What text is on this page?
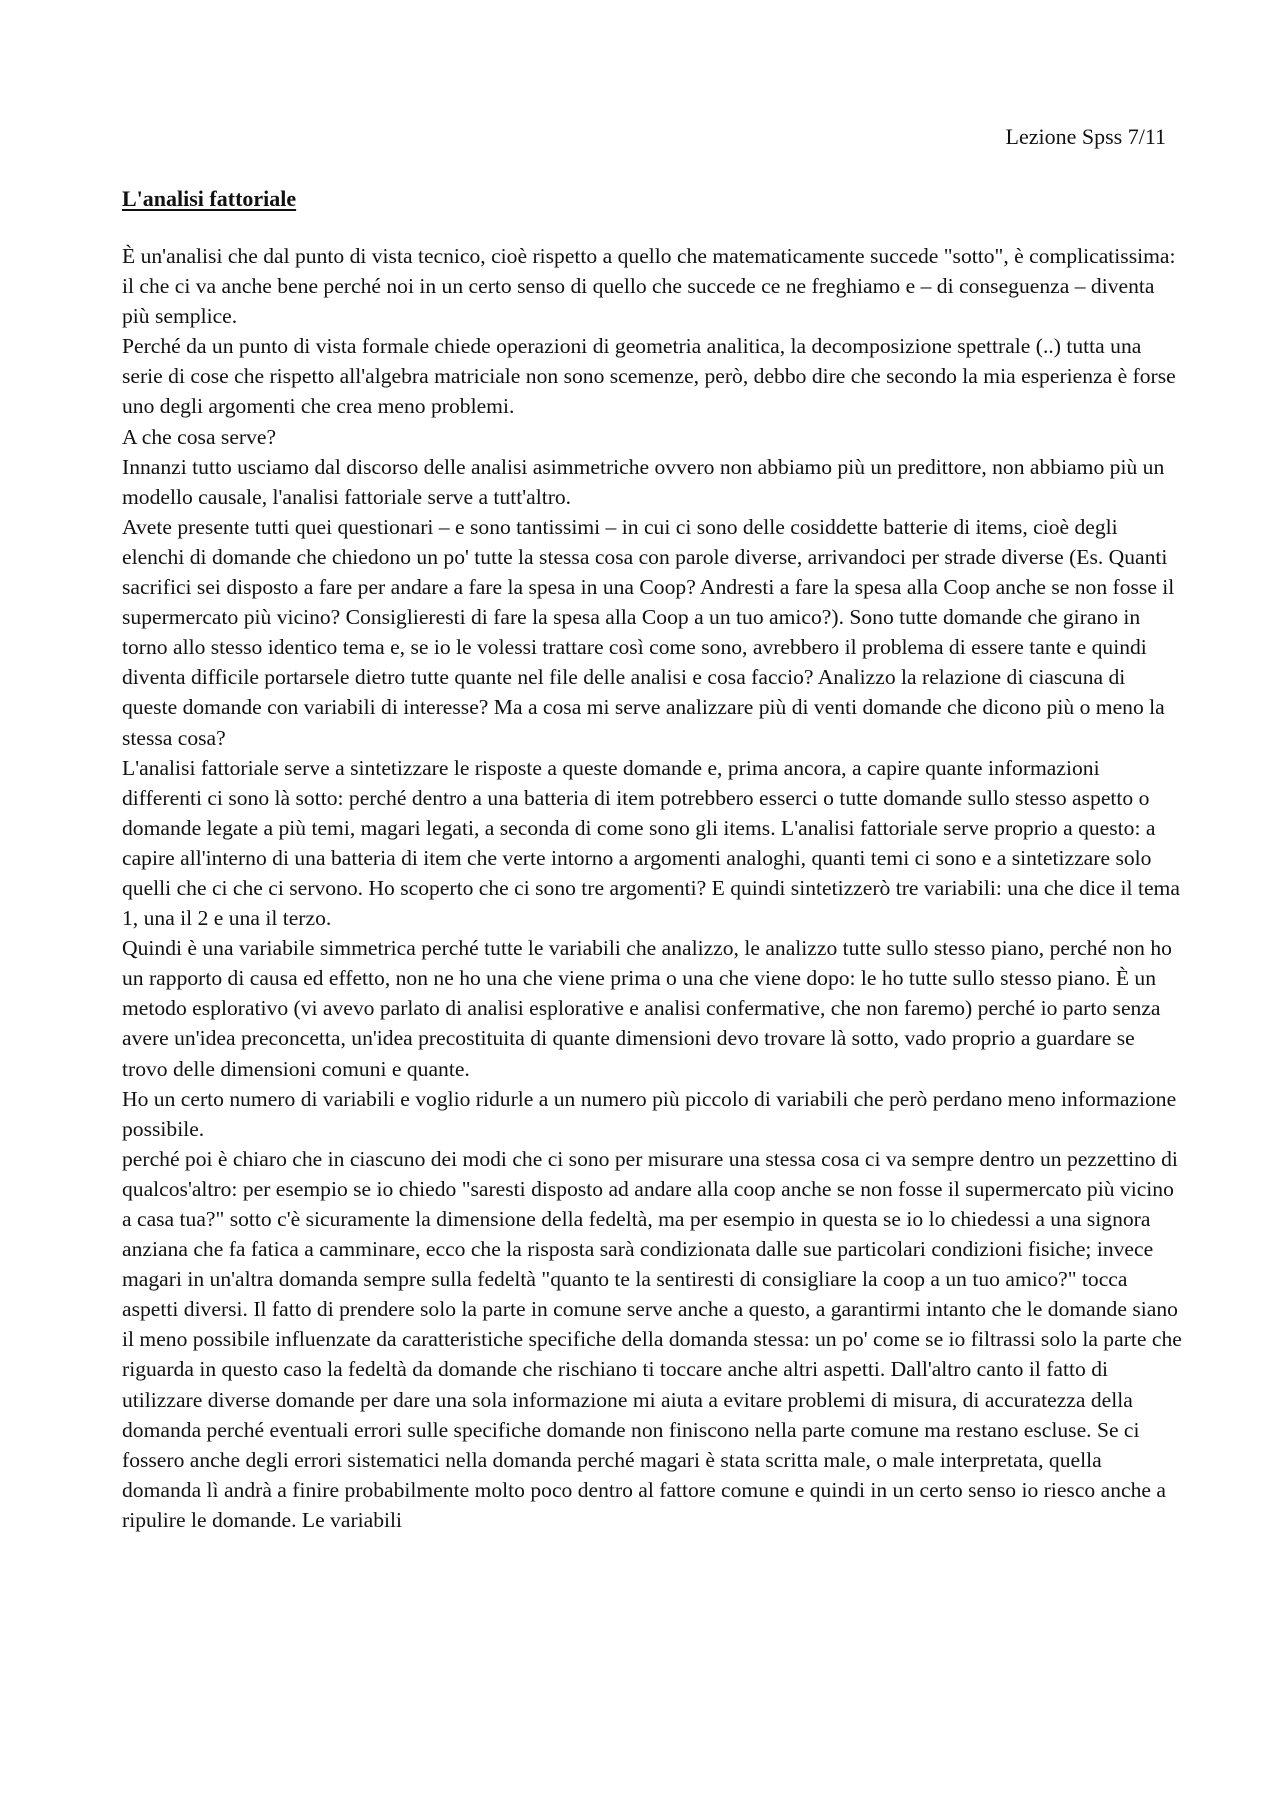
Lezione Spss 7/11
L'analisi fattoriale

È un'analisi che dal punto di vista tecnico, cioè rispetto a quello che matematicamente succede "sotto", è complicatissima: il che ci va anche bene perché noi in un certo senso di quello che succede ce ne freghiamo e – di conseguenza – diventa più semplice.

Perché da un punto di vista formale chiede operazioni di geometria analitica, la decomposizione spettrale (..) tutta una serie di cose che rispetto all'algebra matriciale non sono scemenze, però, debbo dire che secondo la mia esperienza è forse uno degli argomenti che crea meno problemi.

A che cosa serve?

Innanzi tutto usciamo dal discorso delle analisi asimmetriche ovvero non abbiamo più un predittore, non abbiamo più un modello causale, l'analisi fattoriale serve a tutt'altro.

Avete presente tutti quei questionari – e sono tantissimi – in cui ci sono delle cosiddette batterie di items, cioè degli elenchi di domande che chiedono un po' tutte la stessa cosa con parole diverse, arrivandoci per strade diverse (Es. Quanti sacrifici sei disposto a fare per andare a fare la spesa in una Coop? Andresti a fare la spesa alla Coop anche se non fosse il supermercato più vicino? Consiglieresti di fare la spesa alla Coop a un tuo amico?). Sono tutte domande che girano in torno allo stesso identico tema e, se io le volessi trattare così come sono, avrebbero il problema di essere tante e quindi diventa difficile portarsele dietro tutte quante nel file delle analisi e cosa faccio? Analizzo la relazione di ciascuna di queste domande con variabili di interesse? Ma a cosa mi serve analizzare più di venti domande che dicono più o meno la stessa cosa?

L'analisi fattoriale serve a sintetizzare le risposte a queste domande e, prima ancora, a capire quante informazioni differenti ci sono là sotto: perché dentro a una batteria di item potrebbero esserci o tutte domande sullo stesso aspetto o domande legate a più temi, magari legati, a seconda di come sono gli items. L'analisi fattoriale serve proprio a questo: a capire all'interno di una batteria di item che verte intorno a argomenti analoghi, quanti temi ci sono e a sintetizzare solo quelli che ci che ci servono. Ho scoperto che ci sono tre argomenti? E quindi sintetizzerò tre variabili: una che dice il tema 1, una il 2 e una il terzo.

Quindi è una variabile simmetrica perché tutte le variabili che analizzo, le analizzo tutte sullo stesso piano, perché non ho un rapporto di causa ed effetto, non ne ho una che viene prima o una che viene dopo: le ho tutte sullo stesso piano. È un metodo esplorativo (vi avevo parlato di analisi esplorative e analisi confermative, che non faremo) perché io parto senza avere un'idea preconcetta, un'idea precostituita di quante dimensioni devo trovare là sotto, vado proprio a guardare se trovo delle dimensioni comuni e quante.

Ho un certo numero di variabili e voglio ridurle a un numero più piccolo di variabili che però perdano meno informazione possibile.

perché poi è chiaro che in ciascuno dei modi che ci sono per misurare una stessa cosa ci va sempre dentro un pezzettino di qualcos'altro: per esempio se io chiedo "saresti disposto ad andare alla coop anche se non fosse il supermercato più vicino a casa tua?" sotto c'è sicuramente la dimensione della fedeltà, ma per esempio in questa se io lo chiedessi a una signora anziana che fa fatica a camminare, ecco che la risposta sarà condizionata dalle sue particolari condizioni fisiche; invece magari in un'altra domanda sempre sulla fedeltà "quanto te la sentiresti di consigliare la coop a un tuo amico?" tocca aspetti diversi. Il fatto di prendere solo la parte in comune serve anche a questo, a garantirmi intanto che le domande siano il meno possibile influenzate da caratteristiche specifiche della domanda stessa: un po' come se io filtrassi solo la parte che riguarda in questo caso la fedeltà da domande che rischiano ti toccare anche altri aspetti. Dall'altro canto il fatto di utilizzare diverse domande per dare una sola informazione mi aiuta a evitare problemi di misura, di accuratezza della domanda perché eventuali errori sulle specifiche domande non finiscono nella parte comune ma restano escluse. Se ci fossero anche degli errori sistematici nella domanda perché magari è stata scritta male, o male interpretata, quella domanda lì andrà a finire probabilmente molto poco dentro al fattore comune e quindi in un certo senso io riesco anche a ripulire le domande. Le variabili
